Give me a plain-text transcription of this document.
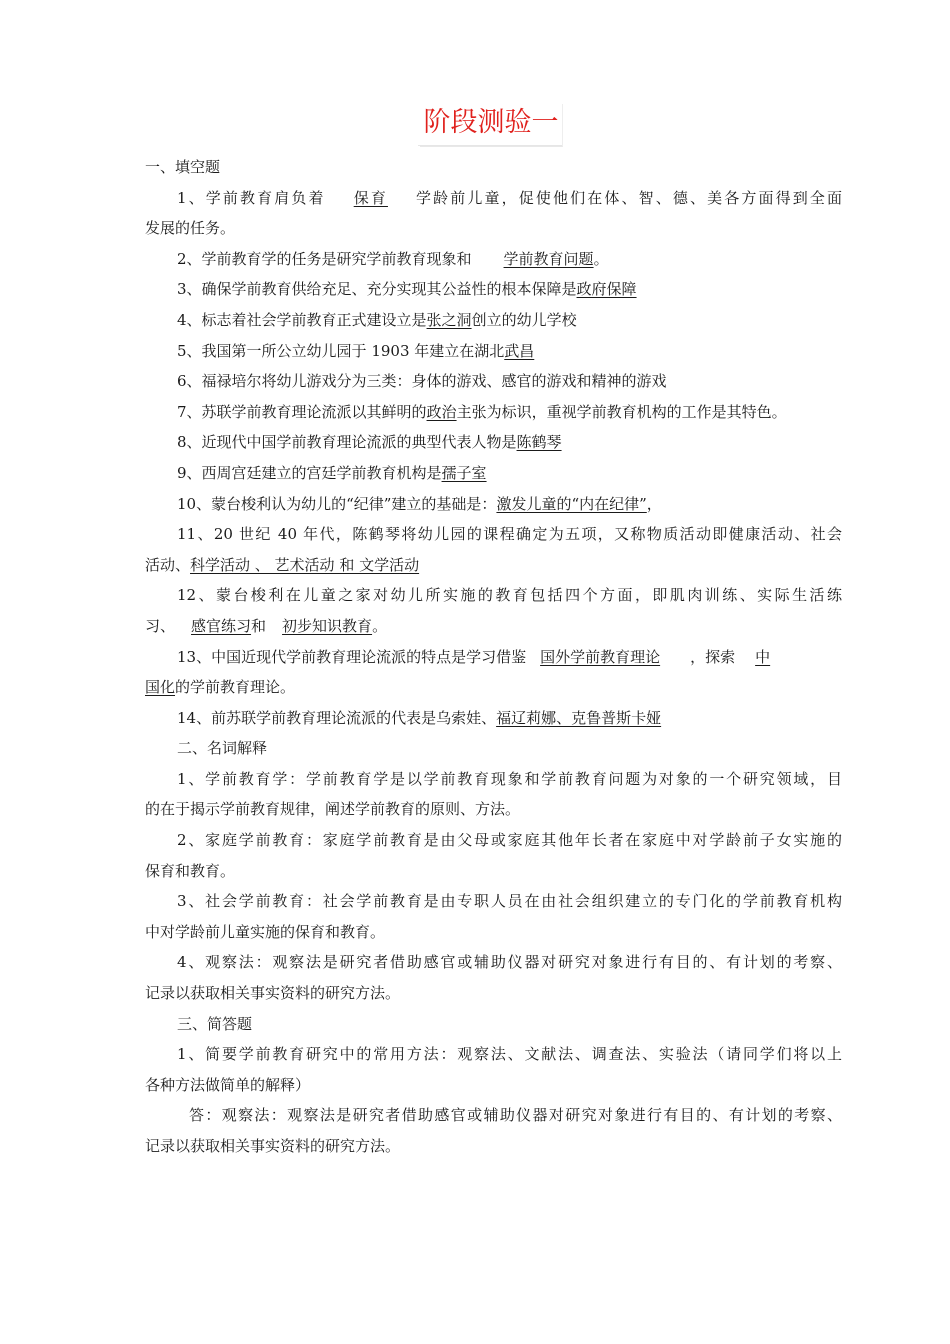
阶段测验一
一、填空题
1、学前教育肩负着 保育 学龄前儿童，促使他们在体、智、德、美各方面得到全面
发展的任务。
2、学前教育学的任务是研究学前教育现象和 学前教育问题。
3、确保学前教育供给充足、充分实现其公益性的根本保障是政府保障
4、标志着社会学前教育正式建设立是张之洞创立的幼儿学校
5、我国第一所公立幼儿园于 1903 年建立在湖北武昌
6、福禄培尔将幼儿游戏分为三类：身体的游戏、感官的游戏和精神的游戏
7、苏联学前教育理论流派以其鲜明的政治主张为标识，重视学前教育机构的工作是其特色。
8、近现代中国学前教育理论流派的典型代表人物是陈鹤琴
9、西周宫廷建立的宫廷学前教育机构是孺子室
10、蒙台梭利认为幼儿的“纪律”建立的基础是：激发儿童的“内在纪律”，
11、20 世纪 40 年代，陈鹤琴将幼儿园的课程确定为五项，又称物质活动即健康活动、社会
活动、科学活动 、 艺术活动 和 文学活动
12、蒙台梭利在儿童之家对幼儿所实施的教育包括四个方面，即肌肉训练、实际生活练
习、 感官练习和 初步知识教育。
13、中国近现代学前教育理论流派的特点是学习借鉴 国外学前教育理论 ，探索 中
国化的学前教育理论。
14、前苏联学前教育理论流派的代表是乌索娃、福辽莉娜、克鲁普斯卡娅
二、名词解释
1、学前教育学：学前教育学是以学前教育现象和学前教育问题为对象的一个研究领域，目
的在于揭示学前教育规律，阐述学前教育的原则、方法。
2、家庭学前教育：家庭学前教育是由父母或家庭其他年长者在家庭中对学龄前子女实施的
保育和教育。
3、社会学前教育：社会学前教育是由专职人员在由社会组织建立的专门化的学前教育机构
中对学龄前儿童实施的保育和教育。
4、观察法：观察法是研究者借助感官或辅助仪器对研究对象进行有目的、有计划的考察、
记录以获取相关事实资料的研究方法。
三、简答题
1、简要学前教育研究中的常用方法：观察法、文献法、调查法、实验法（请同学们将以上
各种方法做简单的解释）
答：观察法：观察法是研究者借助感官或辅助仪器对研究对象进行有目的、有计划的考察、
记录以获取相关事实资料的研究方法。
